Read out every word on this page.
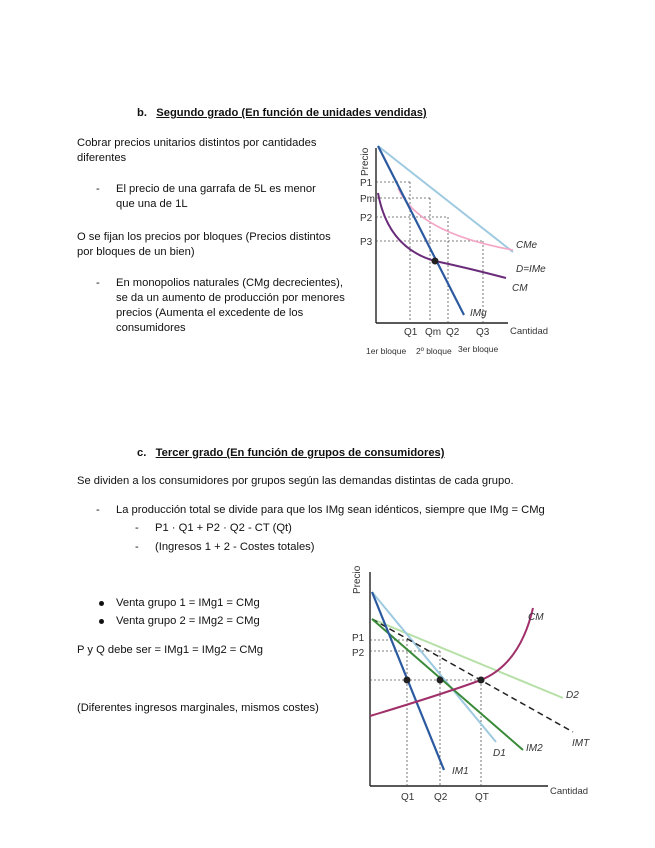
b. Segundo grado (En función de unidades vendidas)
Cobrar precios unitarios distintos por cantidades diferentes
- El precio de una garrafa de 5L es menor que una de 1L
O se fijan los precios por bloques (Precios distintos por bloques de un bien)
- En monopolios naturales (CMg decrecientes), se da un aumento de producción por menores precios (Aumenta el excedente de los consumidores
Precio
Cantidad
P1
Pm
P2
P3
Q1 Qm Q2 Q3
CMe
D=IMe
CM
IMg
1er bloque 2º bloque 3er bloque
c. Tercer grado (En función de grupos de consumidores)
Se dividen a los consumidores por grupos según las demandas distintas de cada grupo.
- La producción total se divide para que los IMg sean idénticos, siempre que IMg = CMg
- P1 · Q1 + P2 · Q2 - CT (Qt)
- (Ingresos 1 + 2 - Costes totales)
Venta grupo 1 = IMg1 = CMg
Venta grupo 2 = IMg2 = CMg
P y Q debe ser = IMg1 = IMg2 = CMg
(Diferentes ingresos marginales, mismos costes)
Precio
Cantidad
P1
P2
Q1 Q2	QT
CM
D2
IMT
IM2
D1
IM1
